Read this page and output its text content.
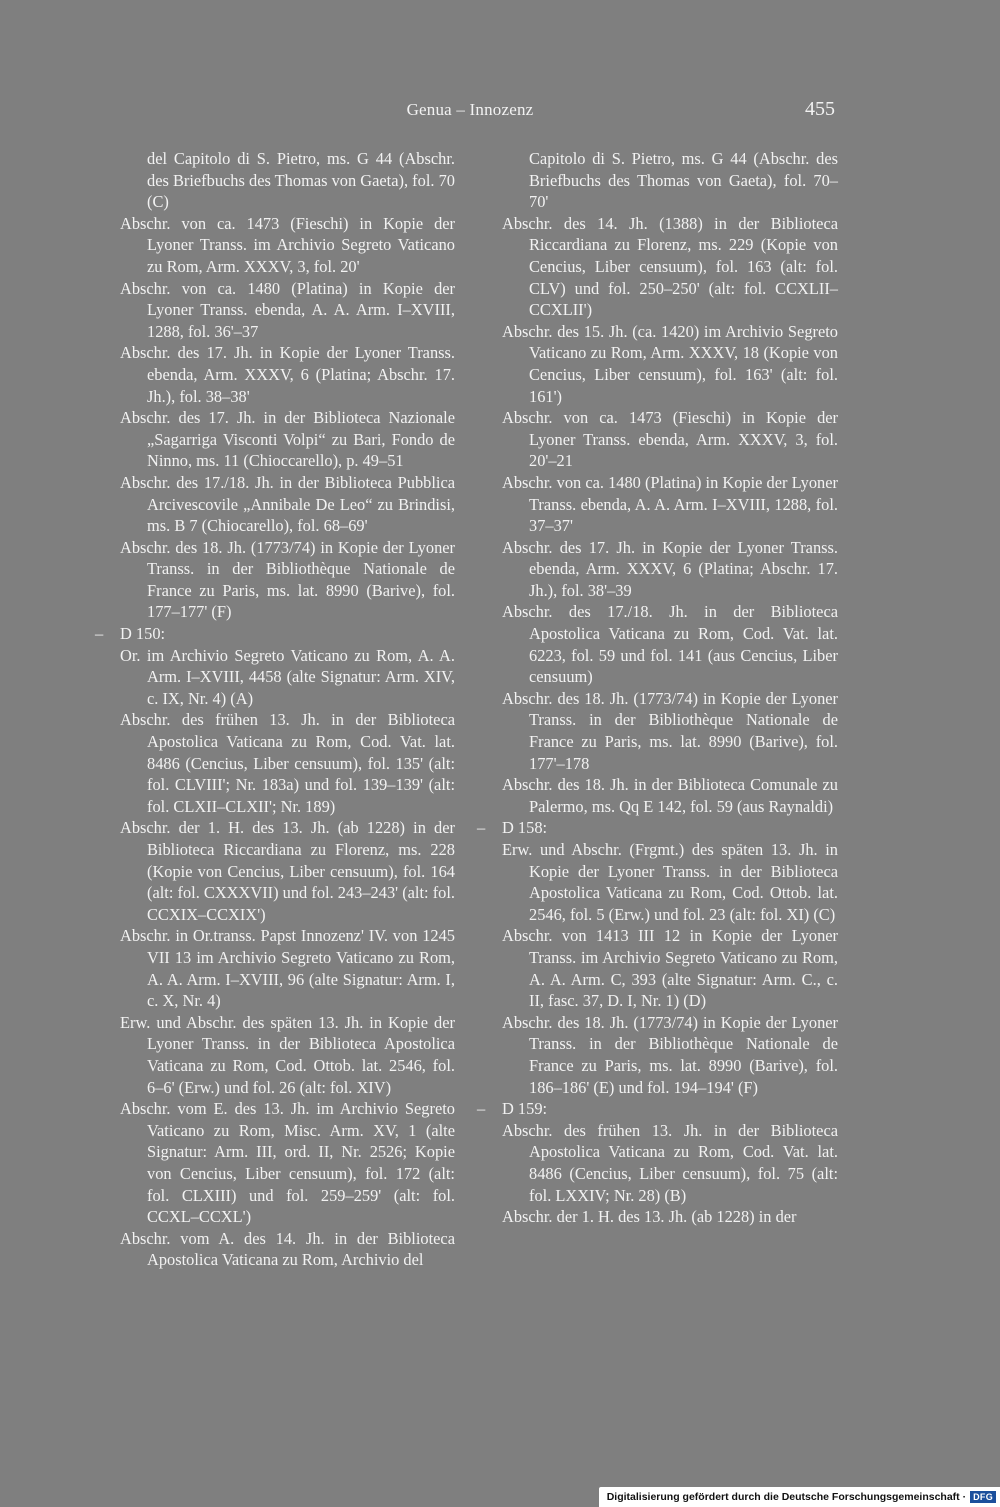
Genua – Innozenz	455

del Capitolo di S. Pietro, ms. G 44 (Abschr. des Briefbuchs des Thomas von Gaeta), fol. 70 (C)

Abschr. von ca. 1473 (Fieschi) in Kopie der Lyoner Transs. im Archivio Segreto Vaticano zu Rom, Arm. XXXV, 3, fol. 20'

Abschr. von ca. 1480 (Platina) in Kopie der Lyoner Transs. ebenda, A. A. Arm. I–XVIII, 1288, fol. 36'–37

Abschr. des 17. Jh. in Kopie der Lyoner Transs. ebenda, Arm. XXXV, 6 (Platina; Abschr. 17. Jh.), fol. 38–38'

Abschr. des 17. Jh. in der Biblioteca Nazionale „Sagarriga Visconti Volpi“ zu Bari, Fondo de Ninno, ms. 11 (Chioccarello), p. 49–51

Abschr. des 17./18. Jh. in der Biblioteca Pubblica Arcivescovile „Annibale De Leo“ zu Brindisi, ms. B 7 (Chiocarello), fol. 68–69'

Abschr. des 18. Jh. (1773/74) in Kopie der Lyoner Transs. in der Bibliothèque Nationale de France zu Paris, ms. lat. 8990 (Barive), fol. 177–177' (F)

– D 150:

Or. im Archivio Segreto Vaticano zu Rom, A. A. Arm. I–XVIII, 4458 (alte Signatur: Arm. XIV, c. IX, Nr. 4) (A)

Abschr. des frühen 13. Jh. in der Biblioteca Apostolica Vaticana zu Rom, Cod. Vat. lat. 8486 (Cencius, Liber censuum), fol. 135' (alt: fol. CLVIII'; Nr. 183a) und fol. 139–139' (alt: fol. CLXII–CLXII'; Nr. 189)

Abschr. der 1. H. des 13. Jh. (ab 1228) in der Biblioteca Riccardiana zu Florenz, ms. 228 (Kopie von Cencius, Liber censuum), fol. 164 (alt: fol. CXXXVII) und fol. 243–243' (alt: fol. CCXIX–CCXIX')

Abschr. in Or.transs. Papst Innozenz' IV. von 1245 VII 13 im Archivio Segreto Vaticano zu Rom, A. A. Arm. I–XVIII, 96 (alte Signatur: Arm. I, c. X, Nr. 4)

Erw. und Abschr. des späten 13. Jh. in Kopie der Lyoner Transs. in der Biblioteca Apostolica Vaticana zu Rom, Cod. Ottob. lat. 2546, fol. 6–6' (Erw.) und fol. 26 (alt: fol. XIV)

Abschr. vom E. des 13. Jh. im Archivio Segreto Vaticano zu Rom, Misc. Arm. XV, 1 (alte Signatur: Arm. III, ord. II, Nr. 2526; Kopie von Cencius, Liber censuum), fol. 172 (alt: fol. CLXIII) und fol. 259–259' (alt: fol. CCXL–CCXL')

Abschr. vom A. des 14. Jh. in der Biblioteca Apostolica Vaticana zu Rom, Archivio del

Capitolo di S. Pietro, ms. G 44 (Abschr. des Briefbuchs des Thomas von Gaeta), fol. 70–70'

Abschr. des 14. Jh. (1388) in der Biblioteca Riccardiana zu Florenz, ms. 229 (Kopie von Cencius, Liber censuum), fol. 163 (alt: fol. CLV) und fol. 250–250' (alt: fol. CCXLII–CCXLII')

Abschr. des 15. Jh. (ca. 1420) im Archivio Segreto Vaticano zu Rom, Arm. XXXV, 18 (Kopie von Cencius, Liber censuum), fol. 163' (alt: fol. 161')

Abschr. von ca. 1473 (Fieschi) in Kopie der Lyoner Transs. ebenda, Arm. XXXV, 3, fol. 20'–21

Abschr. von ca. 1480 (Platina) in Kopie der Lyoner Transs. ebenda, A. A. Arm. I–XVIII, 1288, fol. 37–37'

Abschr. des 17. Jh. in Kopie der Lyoner Transs. ebenda, Arm. XXXV, 6 (Platina; Abschr. 17. Jh.), fol. 38'–39

Abschr. des 17./18. Jh. in der Biblioteca Apostolica Vaticana zu Rom, Cod. Vat. lat. 6223, fol. 59 und fol. 141 (aus Cencius, Liber censuum)

Abschr. des 18. Jh. (1773/74) in Kopie der Lyoner Transs. in der Bibliothèque Nationale de France zu Paris, ms. lat. 8990 (Barive), fol. 177'–178

Abschr. des 18. Jh. in der Biblioteca Comunale zu Palermo, ms. Qq E 142, fol. 59 (aus Raynaldi)

– D 158:

Erw. und Abschr. (Frgmt.) des späten 13. Jh. in Kopie der Lyoner Transs. in der Biblioteca Apostolica Vaticana zu Rom, Cod. Ottob. lat. 2546, fol. 5 (Erw.) und fol. 23 (alt: fol. XI) (C)

Abschr. von 1413 III 12 in Kopie der Lyoner Transs. im Archivio Segreto Vaticano zu Rom, A. A. Arm. C, 393 (alte Signatur: Arm. C., c. II, fasc. 37, D. I, Nr. 1) (D)

Abschr. des 18. Jh. (1773/74) in Kopie der Lyoner Transs. in der Bibliothèque Nationale de France zu Paris, ms. lat. 8990 (Barive), fol. 186–186' (E) und fol. 194–194' (F)

– D 159:

Abschr. des frühen 13. Jh. in der Biblioteca Apostolica Vaticana zu Rom, Cod. Vat. lat. 8486 (Cencius, Liber censuum), fol. 75 (alt: fol. LXXIV; Nr. 28) (B)

Abschr. der 1. H. des 13. Jh. (ab 1228) in der

Digitalisierung gefördert durch die Deutsche Forschungsgemeinschaft · DFG
